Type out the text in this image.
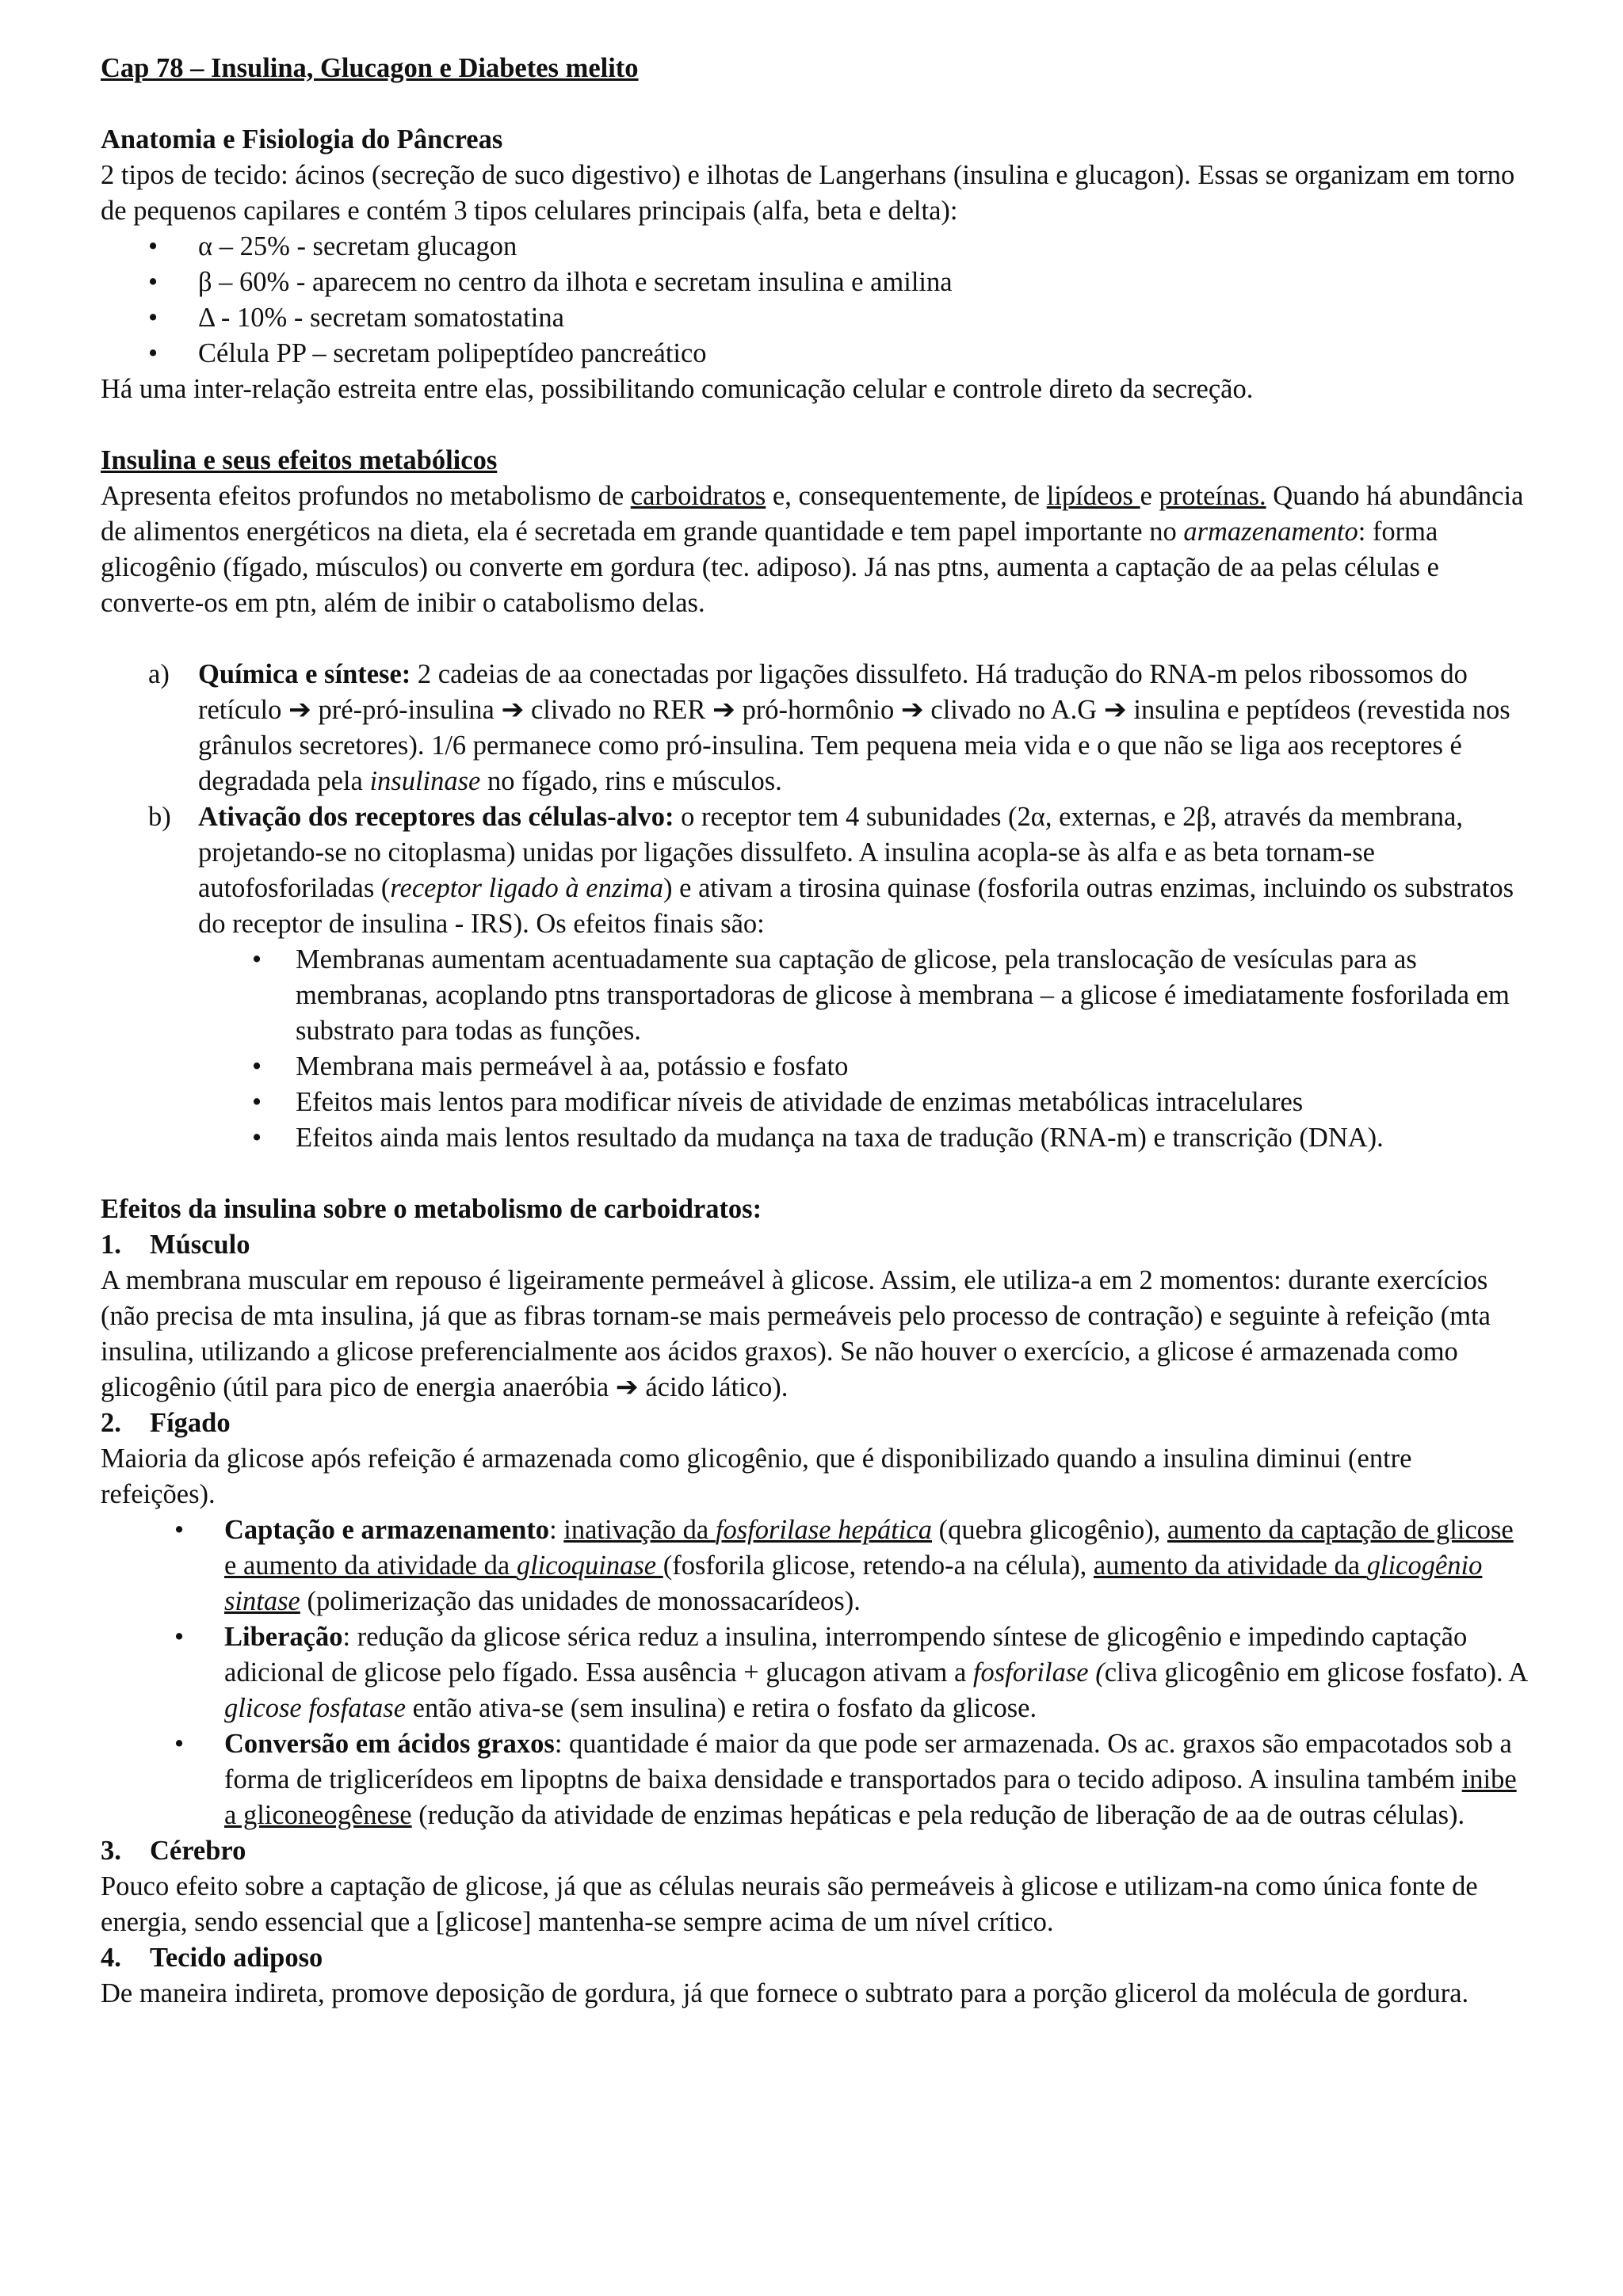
Cap 78 – Insulina, Glucagon e Diabetes melito

Anatomia e Fisiologia do Pâncreas

2 tipos de tecido: ácinos (secreção de suco digestivo) e ilhotas de Langerhans (insulina e glucagon). Essas se organizam em torno de pequenos capilares e contém 3 tipos celulares principais (alfa, beta e delta):

• α – 25% - secretam glucagon
• β – 60% - aparecem no centro da ilhota e secretam insulina e amilina
• Δ - 10% - secretam somatostatina
• Célula PP – secretam polipeptídeo pancreático

Há uma inter-relação estreita entre elas, possibilitando comunicação celular e controle direto da secreção.

Insulina e seus efeitos metabólicos

Apresenta efeitos profundos no metabolismo de carboidratos e, consequentemente, de lipídeos e proteínas. Quando há abundância de alimentos energéticos na dieta, ela é secretada em grande quantidade e tem papel importante no armazenamento: forma glicogênio (fígado, músculos) ou converte em gordura (tec. adiposo). Já nas ptns, aumenta a captação de aa pelas células e converte-os em ptn, além de inibir o catabolismo delas.

a) Química e síntese: 2 cadeias de aa conectadas por ligações dissulfeto. Há tradução do RNA-m pelos ribossomos do retículo ➔ pré-pró-insulina ➔ clivado no RER ➔ pró-hormônio ➔ clivado no A.G ➔ insulina e peptídeos (revestida nos grânulos secretores). 1/6 permanece como pró-insulina. Tem pequena meia vida e o que não se liga aos receptores é degradada pela insulinase no fígado, rins e músculos.
b) Ativação dos receptores das células-alvo: o receptor tem 4 subunidades (2α, externas, e 2β, através da membrana, projetando-se no citoplasma) unidas por ligações dissulfeto. A insulina acopla-se às alfa e as beta tornam-se autofosforiladas (receptor ligado à enzima) e ativam a tirosina quinase (fosforila outras enzimas, incluindo os substratos do receptor de insulina - IRS). Os efeitos finais são:
• Membranas aumentam acentuadamente sua captação de glicose, pela translocação de vesículas para as membranas, acoplando ptns transportadoras de glicose à membrana – a glicose é imediatamente fosforilada em substrato para todas as funções.
• Membrana mais permeável à aa, potássio e fosfato
• Efeitos mais lentos para modificar níveis de atividade de enzimas metabólicas intracelulares
• Efeitos ainda mais lentos resultado da mudança na taxa de tradução (RNA-m) e transcrição (DNA).

Efeitos da insulina sobre o metabolismo de carboidratos:

1. Músculo

A membrana muscular em repouso é ligeiramente permeável à glicose. Assim, ele utiliza-a em 2 momentos: durante exercícios (não precisa de mta insulina, já que as fibras tornam-se mais permeáveis pelo processo de contração) e seguinte à refeição (mta insulina, utilizando a glicose preferencialmente aos ácidos graxos). Se não houver o exercício, a glicose é armazenada como glicogênio (útil para pico de energia anaeróbia ➔ ácido lático).

2. Fígado

Maioria da glicose após refeição é armazenada como glicogênio, que é disponibilizado quando a insulina diminui (entre refeições).

• Captação e armazenamento: inativação da fosforilase hepática (quebra glicogênio), aumento da captação de glicose e aumento da atividade da glicoquinase (fosforila glicose, retendo-a na célula), aumento da atividade da glicogênio sintase (polimerização das unidades de monossacarídeos).
• Liberação: redução da glicose sérica reduz a insulina, interrompendo síntese de glicogênio e impedindo captação adicional de glicose pelo fígado. Essa ausência + glucagon ativam a fosforilase (cliva glicogênio em glicose fosfato). A glicose fosfatase então ativa-se (sem insulina) e retira o fosfato da glicose.
• Conversão em ácidos graxos: quantidade é maior da que pode ser armazenada. Os ac. graxos são empacotados sob a forma de triglicerídeos em lipoptns de baixa densidade e transportados para o tecido adiposo. A insulina também inibe a gliconeogênese (redução da atividade de enzimas hepáticas e pela redução de liberação de aa de outras células).

3. Cérebro

Pouco efeito sobre a captação de glicose, já que as células neurais são permeáveis à glicose e utilizam-na como única fonte de energia, sendo essencial que a [glicose] mantenha-se sempre acima de um nível crítico.

4. Tecido adiposo

De maneira indireta, promove deposição de gordura, já que fornece o subtrato para a porção glicerol da molécula de gordura.
